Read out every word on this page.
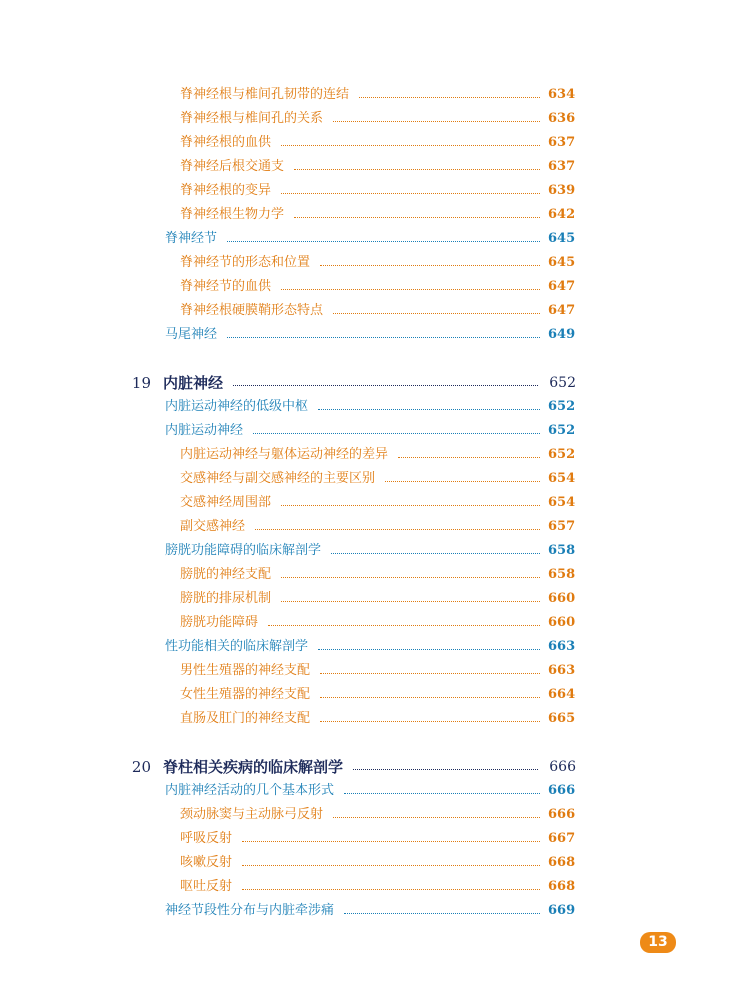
脊神经根与椎间孔韧带的连结	634
脊神经根与椎间孔的关系	636
脊神经根的血供	637
脊神经后根交通支	637
脊神经根的变异	639
脊神经根生物力学	642
脊神经节	645
脊神经节的形态和位置	645
脊神经节的血供	647
脊神经根硬膜鞘形态特点	647
马尾神经	649
19 内脏神经	652
内脏运动神经的低级中枢	652
内脏运动神经	652
内脏运动神经与躯体运动神经的差异	652
交感神经与副交感神经的主要区别	654
交感神经周围部	654
副交感神经	657
膀胱功能障碍的临床解剖学	658
膀胱的神经支配	658
膀胱的排尿机制	660
膀胱功能障碍	660
性功能相关的临床解剖学	663
男性生殖器的神经支配	663
女性生殖器的神经支配	664
直肠及肛门的神经支配	665
20 脊柱相关疾病的临床解剖学	666
内脏神经活动的几个基本形式	666
颈动脉窦与主动脉弓反射	666
呼吸反射	667
咳嗽反射	668
呕吐反射	668
神经节段性分布与内脏牵涉痛	669
13
